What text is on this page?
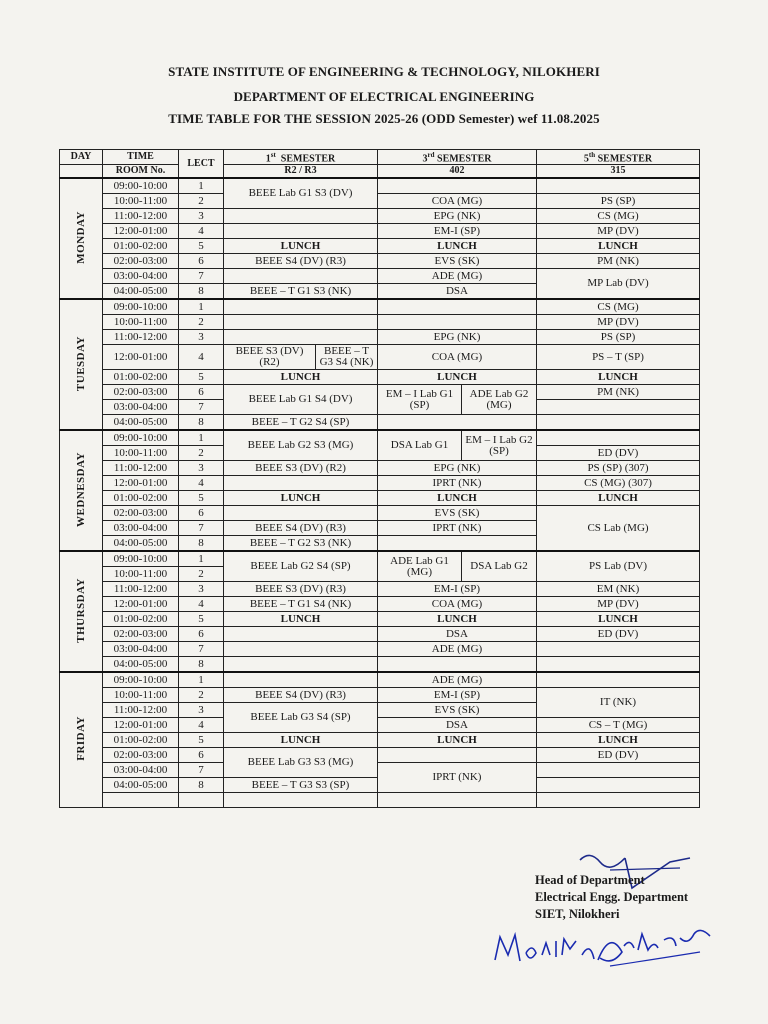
STATE INSTITUTE OF ENGINEERING & TECHNOLOGY, NILOKHERI
DEPARTMENT OF ELECTRICAL ENGINEERING
TIME TABLE FOR THE SESSION 2025-26 (ODD Semester) wef 11.08.2025
DAY	TIME	LECT	1st  SEMESTER		3rd SEMESTER		5th SEMESTER
	ROOM No.		R2 / R3		402		315
MONDAY	09:00-10:00	1	BEEE Lab G1 S3 (DV)				
	10:00-11:00	2			COA (MG)		PS (SP)
	11:00-12:00	3			EPG (NK)		CS (MG)
	12:00-01:00	4			EM-I (SP)		MP (DV)
	01:00-02:00	5	LUNCH		LUNCH		LUNCH
	02:00-03:00	6	BEEE S4 (DV) (R3)		EVS (SK)		PM (NK)
	03:00-04:00	7			ADE (MG)		MP Lab (DV)
	04:00-05:00	8	BEEE – T G1 S3 (NK)		DSA		
TUESDAY	09:00-10:00	1					CS (MG)
	10:00-11:00	2					MP (DV)
	11:00-12:00	3			EPG (NK)		PS (SP)
	12:00-01:00	4	BEEE S3 (DV) (R2)	BEEE – T G3 S4 (NK)	COA (MG)		PS – T (SP)
	01:00-02:00	5	LUNCH		LUNCH		LUNCH
	02:00-03:00	6	BEEE Lab G1 S4 (DV)		EM – I Lab G1 (SP)	ADE Lab G2 (MG)	PM (NK)
	03:00-04:00	7					
	04:00-05:00	8	BEEE – T G2 S4 (SP)				
WEDNESDAY	09:00-10:00	1	BEEE Lab G2 S3 (MG)		DSA Lab G1	EM – I Lab G2 (SP)	
	10:00-11:00	2					ED (DV)
	11:00-12:00	3	BEEE S3 (DV) (R2)		EPG (NK)		PS (SP) (307)
	12:00-01:00	4			IPRT (NK)		CS (MG) (307)
	01:00-02:00	5	LUNCH		LUNCH		LUNCH
	02:00-03:00	6			EVS (SK)		CS Lab (MG)
	03:00-04:00	7	BEEE S4 (DV) (R3)		IPRT (NK)		
	04:00-05:00	8	BEEE – T G2 S3 (NK)				
THURSDAY	09:00-10:00	1	BEEE Lab G2 S4 (SP)		ADE Lab G1 (MG)	DSA Lab G2	PS Lab (DV)
	10:00-11:00	2					
	11:00-12:00	3	BEEE S3 (DV) (R3)		EM-I (SP)		EM (NK)
	12:00-01:00	4	BEEE – T G1 S4 (NK)		COA (MG)		MP (DV)
	01:00-02:00	5	LUNCH		LUNCH		LUNCH
	02:00-03:00	6			DSA		ED (DV)
	03:00-04:00	7			ADE (MG)		
	04:00-05:00	8					
FRIDAY	09:00-10:00	1			ADE (MG)		
	10:00-11:00	2	BEEE S4 (DV) (R3)		EM-I (SP)		IT (NK)
	11:00-12:00	3	BEEE Lab G3 S4 (SP)		EVS (SK)		
	12:00-01:00	4			DSA		CS – T (MG)
	01:00-02:00	5	LUNCH		LUNCH		LUNCH
	02:00-03:00	6	BEEE Lab G3 S3 (MG)				ED (DV)
	03:00-04:00	7			IPRT (NK)		
	04:00-05:00	8	BEEE – T G3 S3 (SP)				

Head of Department
Electrical Engg. Department
SIET, Nilokheri
